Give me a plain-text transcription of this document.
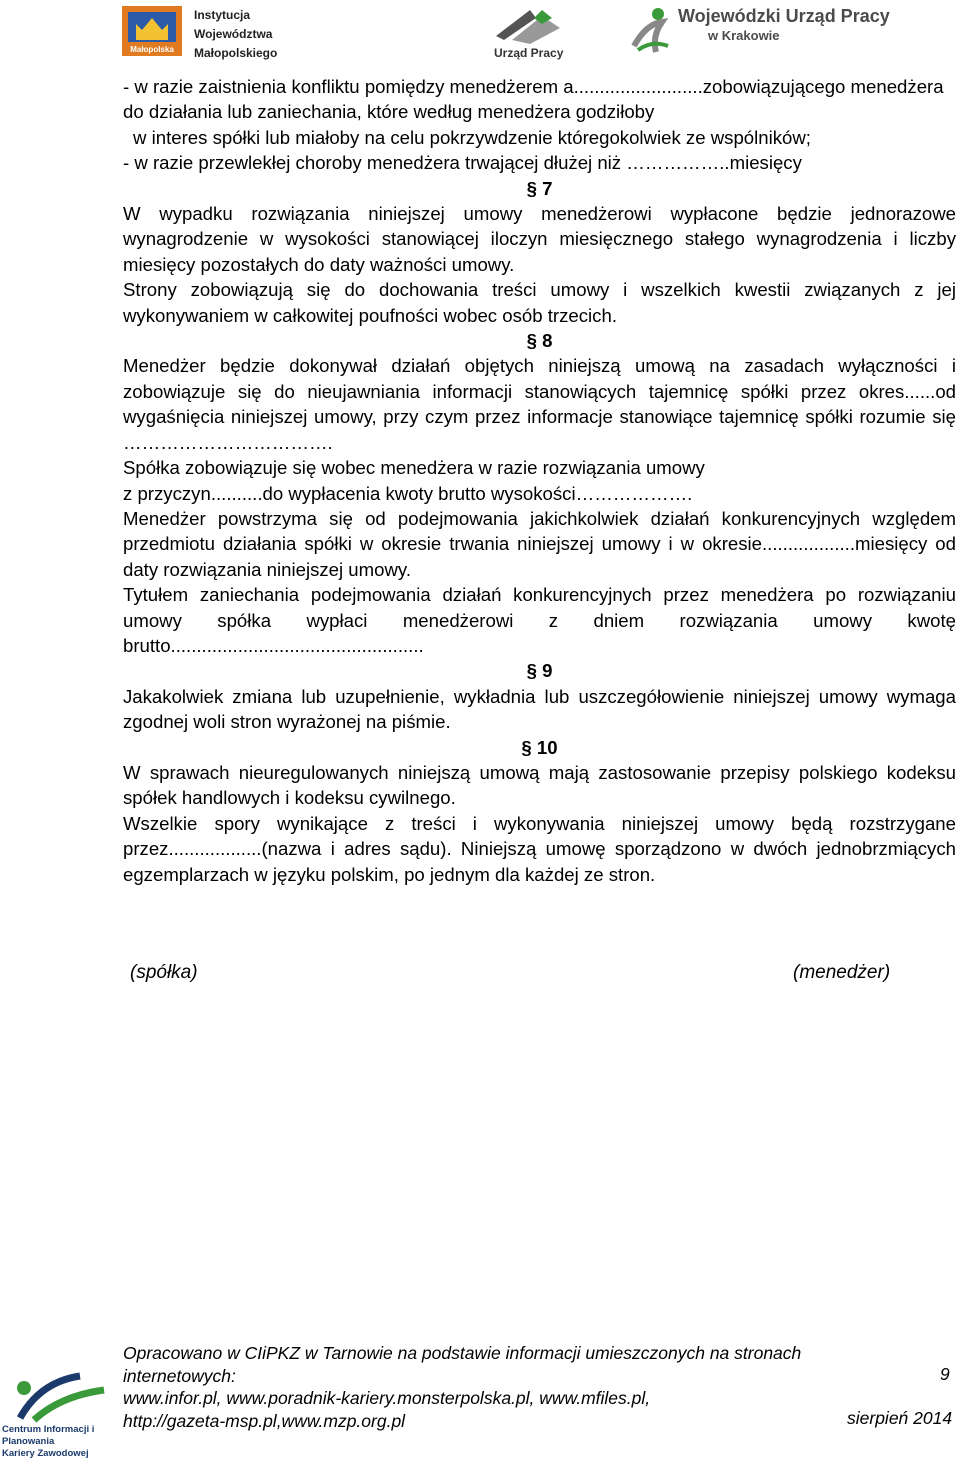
Małopolska
Instytucja
Województwa
Małopolskiego	Urząd Pracy
Wojewódzki Urząd Pracy
w Krakowie

- w razie zaistnienia konfliktu pomiędzy menedżerem a.........................zobowiązującego menedżera do działania lub zaniechania, które według menedżera godziłoby

w interes spółki lub miałoby na celu pokrzywdzenie któregokolwiek ze wspólników;

- w razie przewlekłej choroby menedżera trwającej dłużej niż ……………..miesięcy

§ 7

W wypadku rozwiązania niniejszej umowy menedżerowi wypłacone będzie jednorazowe wynagrodzenie w wysokości stanowiącej iloczyn miesięcznego stałego wynagrodzenia i liczby miesięcy pozostałych do daty ważności umowy.

Strony zobowiązują się do dochowania treści umowy i wszelkich kwestii związanych z jej wykonywaniem w całkowitej poufności wobec osób trzecich.

§ 8

Menedżer będzie dokonywał działań objętych niniejszą umową na zasadach wyłączności i zobowiązuje się do nieujawniania informacji stanowiących tajemnicę spółki przez okres......od wygaśnięcia niniejszej umowy, przy czym przez informacje stanowiące tajemnicę spółki rozumie się …………………………….

Spółka zobowiązuje się wobec menedżera w razie rozwiązania umowy

z przyczyn..........do wypłacenia kwoty brutto wysokości……………….

Menedżer powstrzyma się od podejmowania jakichkolwiek działań konkurencyjnych względem przedmiotu działania spółki w okresie trwania niniejszej umowy i w okresie..................miesięcy od daty rozwiązania niniejszej umowy.

Tytułem zaniechania podejmowania działań konkurencyjnych przez menedżera po rozwiązaniu umowy spółka wypłaci menedżerowi z dniem rozwiązania umowy kwotę brutto.................................................

§ 9

Jakakolwiek zmiana lub uzupełnienie, wykładnia lub uszczegółowienie niniejszej umowy wymaga zgodnej woli stron wyrażonej na piśmie.

§ 10

W sprawach nieuregulowanych niniejszą umową mają zastosowanie przepisy polskiego kodeksu spółek handlowych i kodeksu cywilnego.

Wszelkie spory wynikające z treści i wykonywania niniejszej umowy będą rozstrzygane przez..................(nazwa i adres sądu). Niniejszą umowę sporządzono w dwóch jednobrzmiących egzemplarzach w języku polskim, po jednym dla każdej ze stron.

(spółka)	(menedżer)
Centrum Informacji i Planowania
Kariery Zawodowej
Opracowano w CIiPKZ w Tarnowie na podstawie informacji umieszczonych na stronach
internetowych:
www.infor.pl, www.poradnik-kariery.monsterpolska.pl, www.mfiles.pl,
http://gazeta-msp.pl,www.mzp.org.pl
9
sierpień 2014
